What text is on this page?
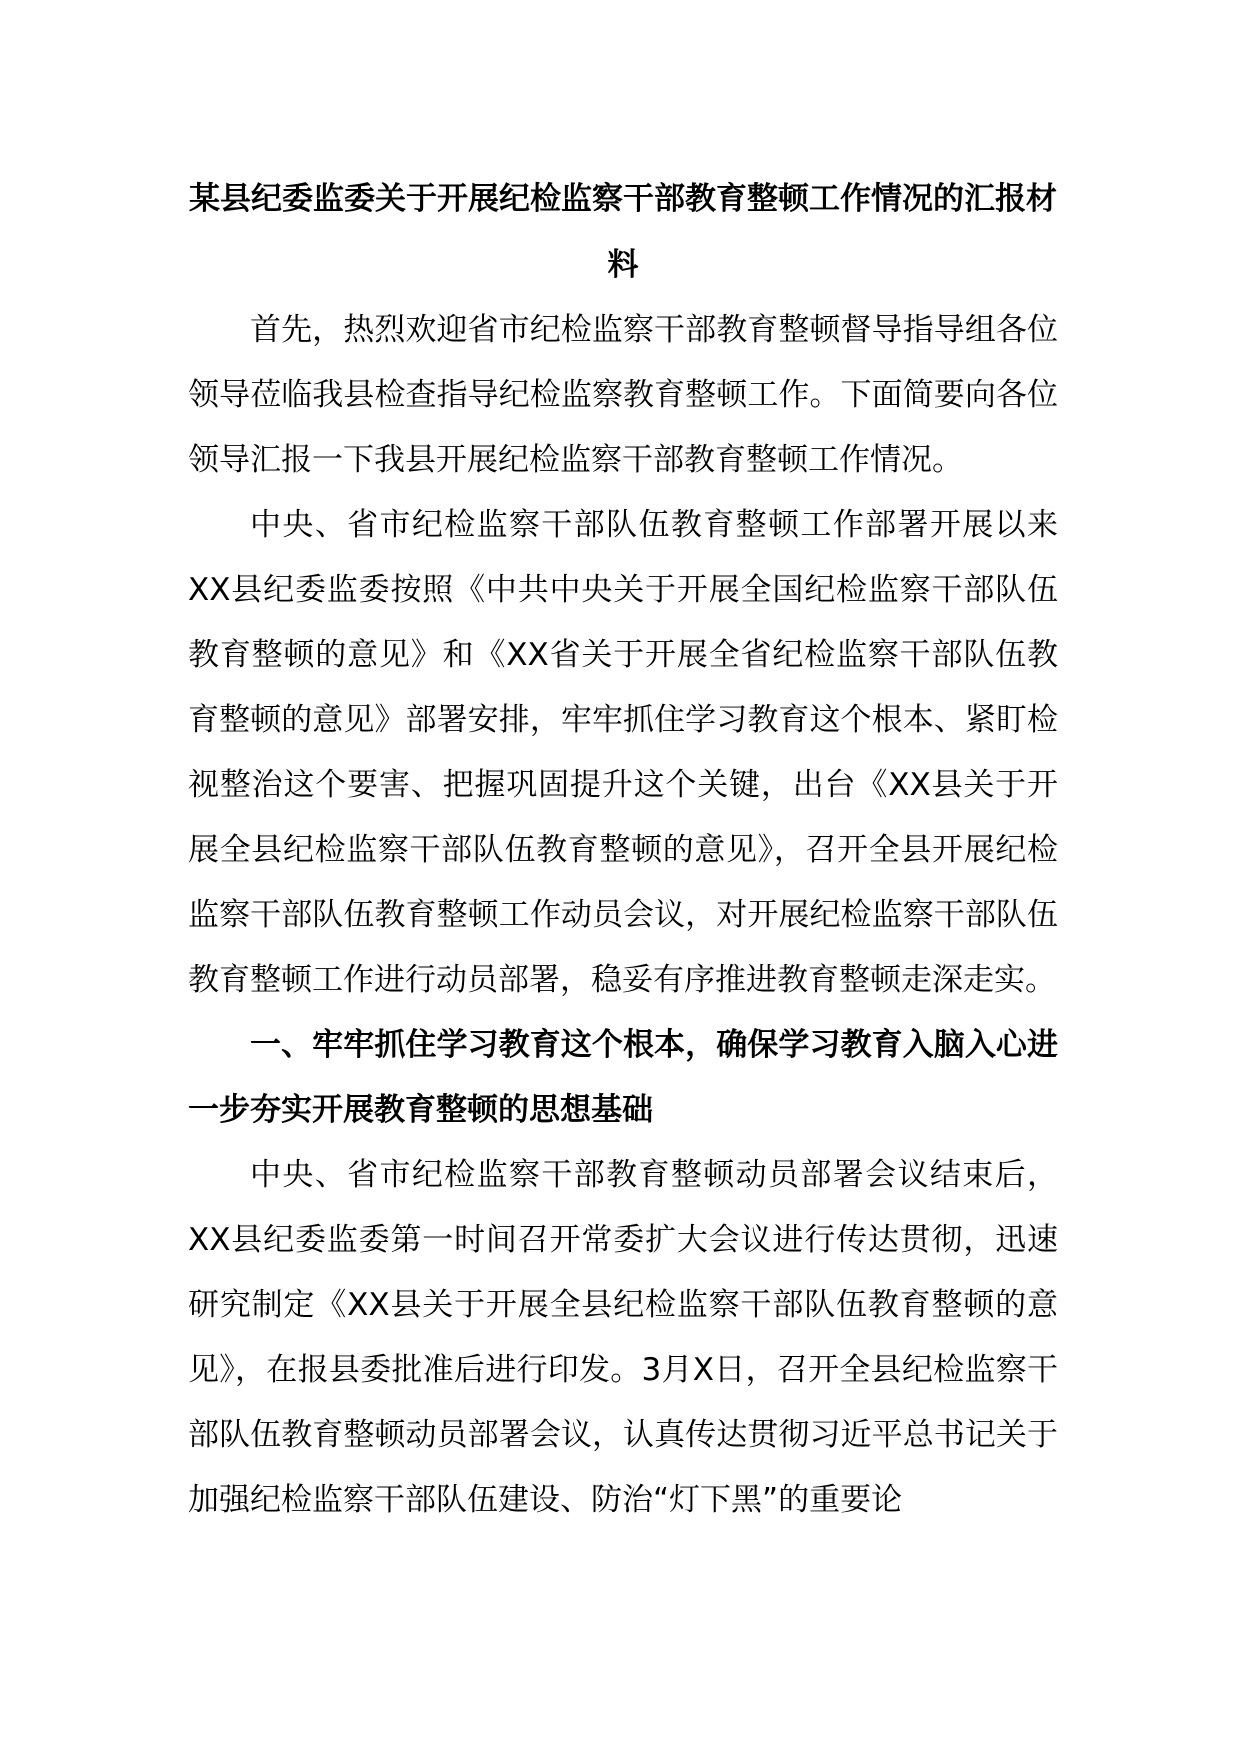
某县纪委监委关于开展纪检监察干部教育整顿工作情况的汇报材料

首先，热烈欢迎省市纪检监察干部教育整顿督导指导组各位领导莅临我县检查指导纪检监察教育整顿工作。下面简要向各位领导汇报一下我县开展纪检监察干部教育整顿工作情况。

中央、省市纪检监察干部队伍教育整顿工作部署开展以来XX县纪委监委按照《中共中央关于开展全国纪检监察干部队伍教育整顿的意见》和《XX省关于开展全省纪检监察干部队伍教育整顿的意见》部署安排，牢牢抓住学习教育这个根本、紧盯检视整治这个要害、把握巩固提升这个关键，出台《XX县关于开展全县纪检监察干部队伍教育整顿的意见》，召开全县开展纪检监察干部队伍教育整顿工作动员会议，对开展纪检监察干部队伍教育整顿工作进行动员部署，稳妥有序推进教育整顿走深走实。

一、牢牢抓住学习教育这个根本，确保学习教育入脑入心进一步夯实开展教育整顿的思想基础

中央、省市纪检监察干部教育整顿动员部署会议结束后，XX县纪委监委第一时间召开常委扩大会议进行传达贯彻，迅速研究制定《XX县关于开展全县纪检监察干部队伍教育整顿的意见》，在报县委批准后进行印发。3月X日，召开全县纪检监察干部队伍教育整顿动员部署会议，认真传达贯彻习近平总书记关于加强纪检监察干部队伍建设、防治“灯下黑”的重要论
